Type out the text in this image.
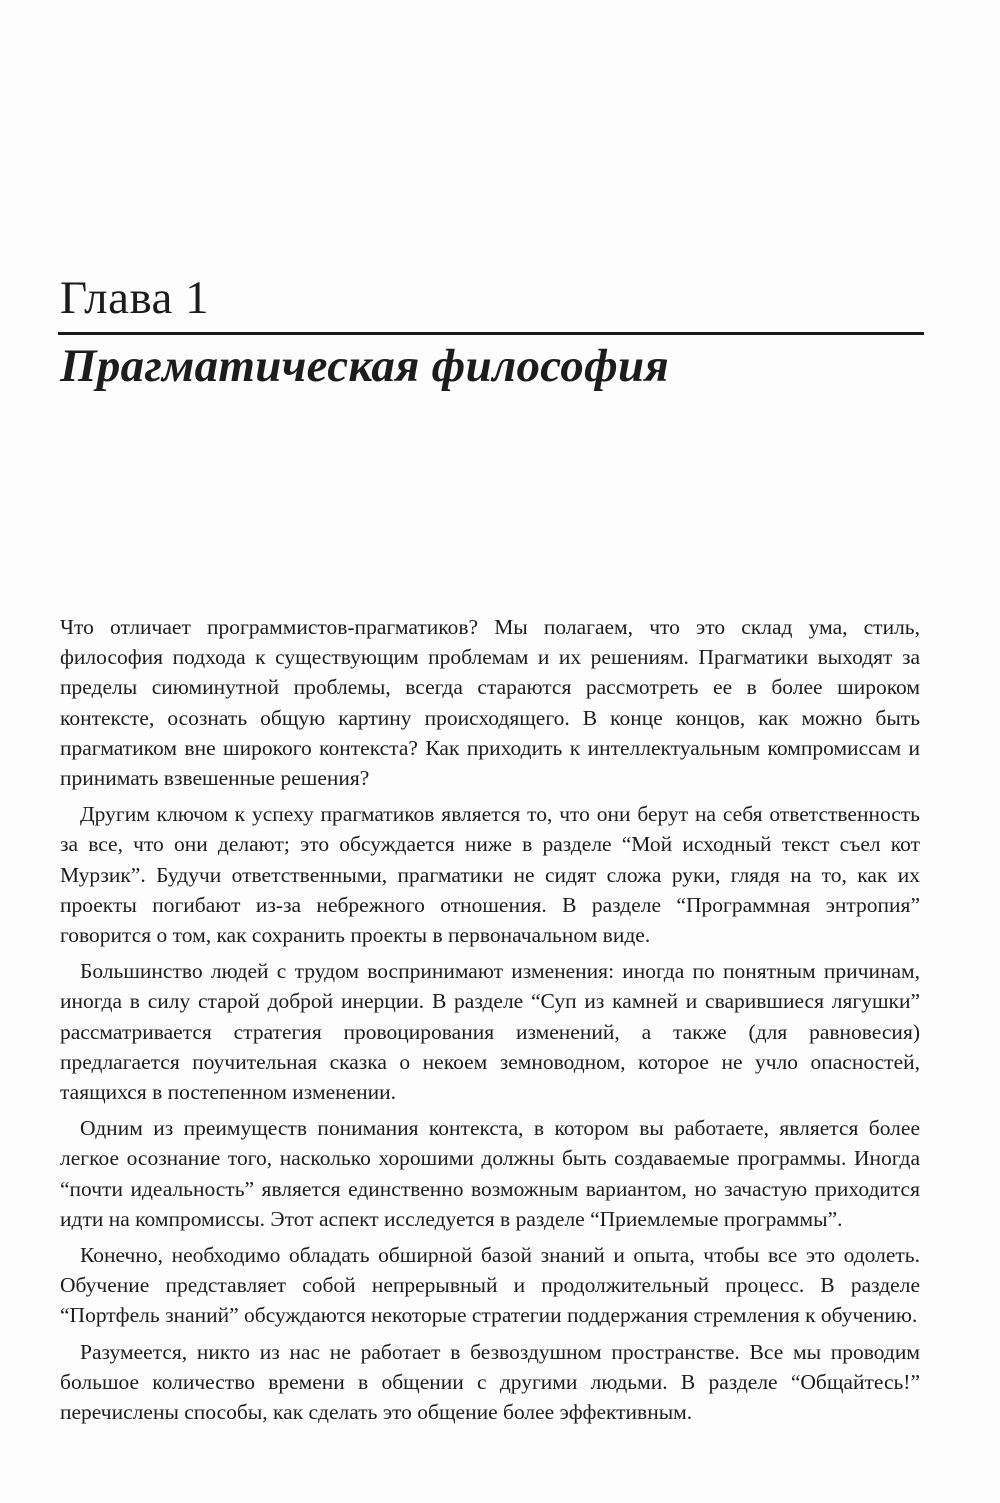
Глава 1
Прагматическая философия

Что отличает программистов-прагматиков? Мы полагаем, что это склад ума, стиль, философия подхода к существующим проблемам и их решениям. Прагматики выходят за пределы сиюминутной проблемы, всегда стараются рассмотреть ее в более широком контексте, осознать общую картину происходящего. В конце концов, как можно быть прагматиком вне широкого контекста? Как приходить к интеллектуальным компромиссам и принимать взвешенные решения?

Другим ключом к успеху прагматиков является то, что они берут на себя ответственность за все, что они делают; это обсуждается ниже в разделе “Мой исходный текст съел кот Мурзик”. Будучи ответственными, прагматики не сидят сложа руки, глядя на то, как их проекты погибают из-за небрежного отношения. В разделе “Программная энтропия” говорится о том, как сохранить проекты в первоначальном виде.

Большинство людей с трудом воспринимают изменения: иногда по понятным причинам, иногда в силу старой доброй инерции. В разделе “Суп из камней и сварившиеся лягушки” рассматривается стратегия провоцирования изменений, а также (для равновесия) предлагается поучительная сказка о некоем земноводном, которое не учло опасностей, таящихся в постепенном изменении.

Одним из преимуществ понимания контекста, в котором вы работаете, является более легкое осознание того, насколько хорошими должны быть создаваемые программы. Иногда “почти идеальность” является единственно возможным вариантом, но зачастую приходится идти на компромиссы. Этот аспект исследуется в разделе “Приемлемые программы”.

Конечно, необходимо обладать обширной базой знаний и опыта, чтобы все это одолеть. Обучение представляет собой непрерывный и продолжительный процесс. В разделе “Портфель знаний” обсуждаются некоторые стратегии поддержания стремления к обучению.

Разумеется, никто из нас не работает в безвоздушном пространстве. Все мы проводим большое количество времени в общении с другими людьми. В разделе “Общайтесь!” перечислены способы, как сделать это общение более эффективным.
